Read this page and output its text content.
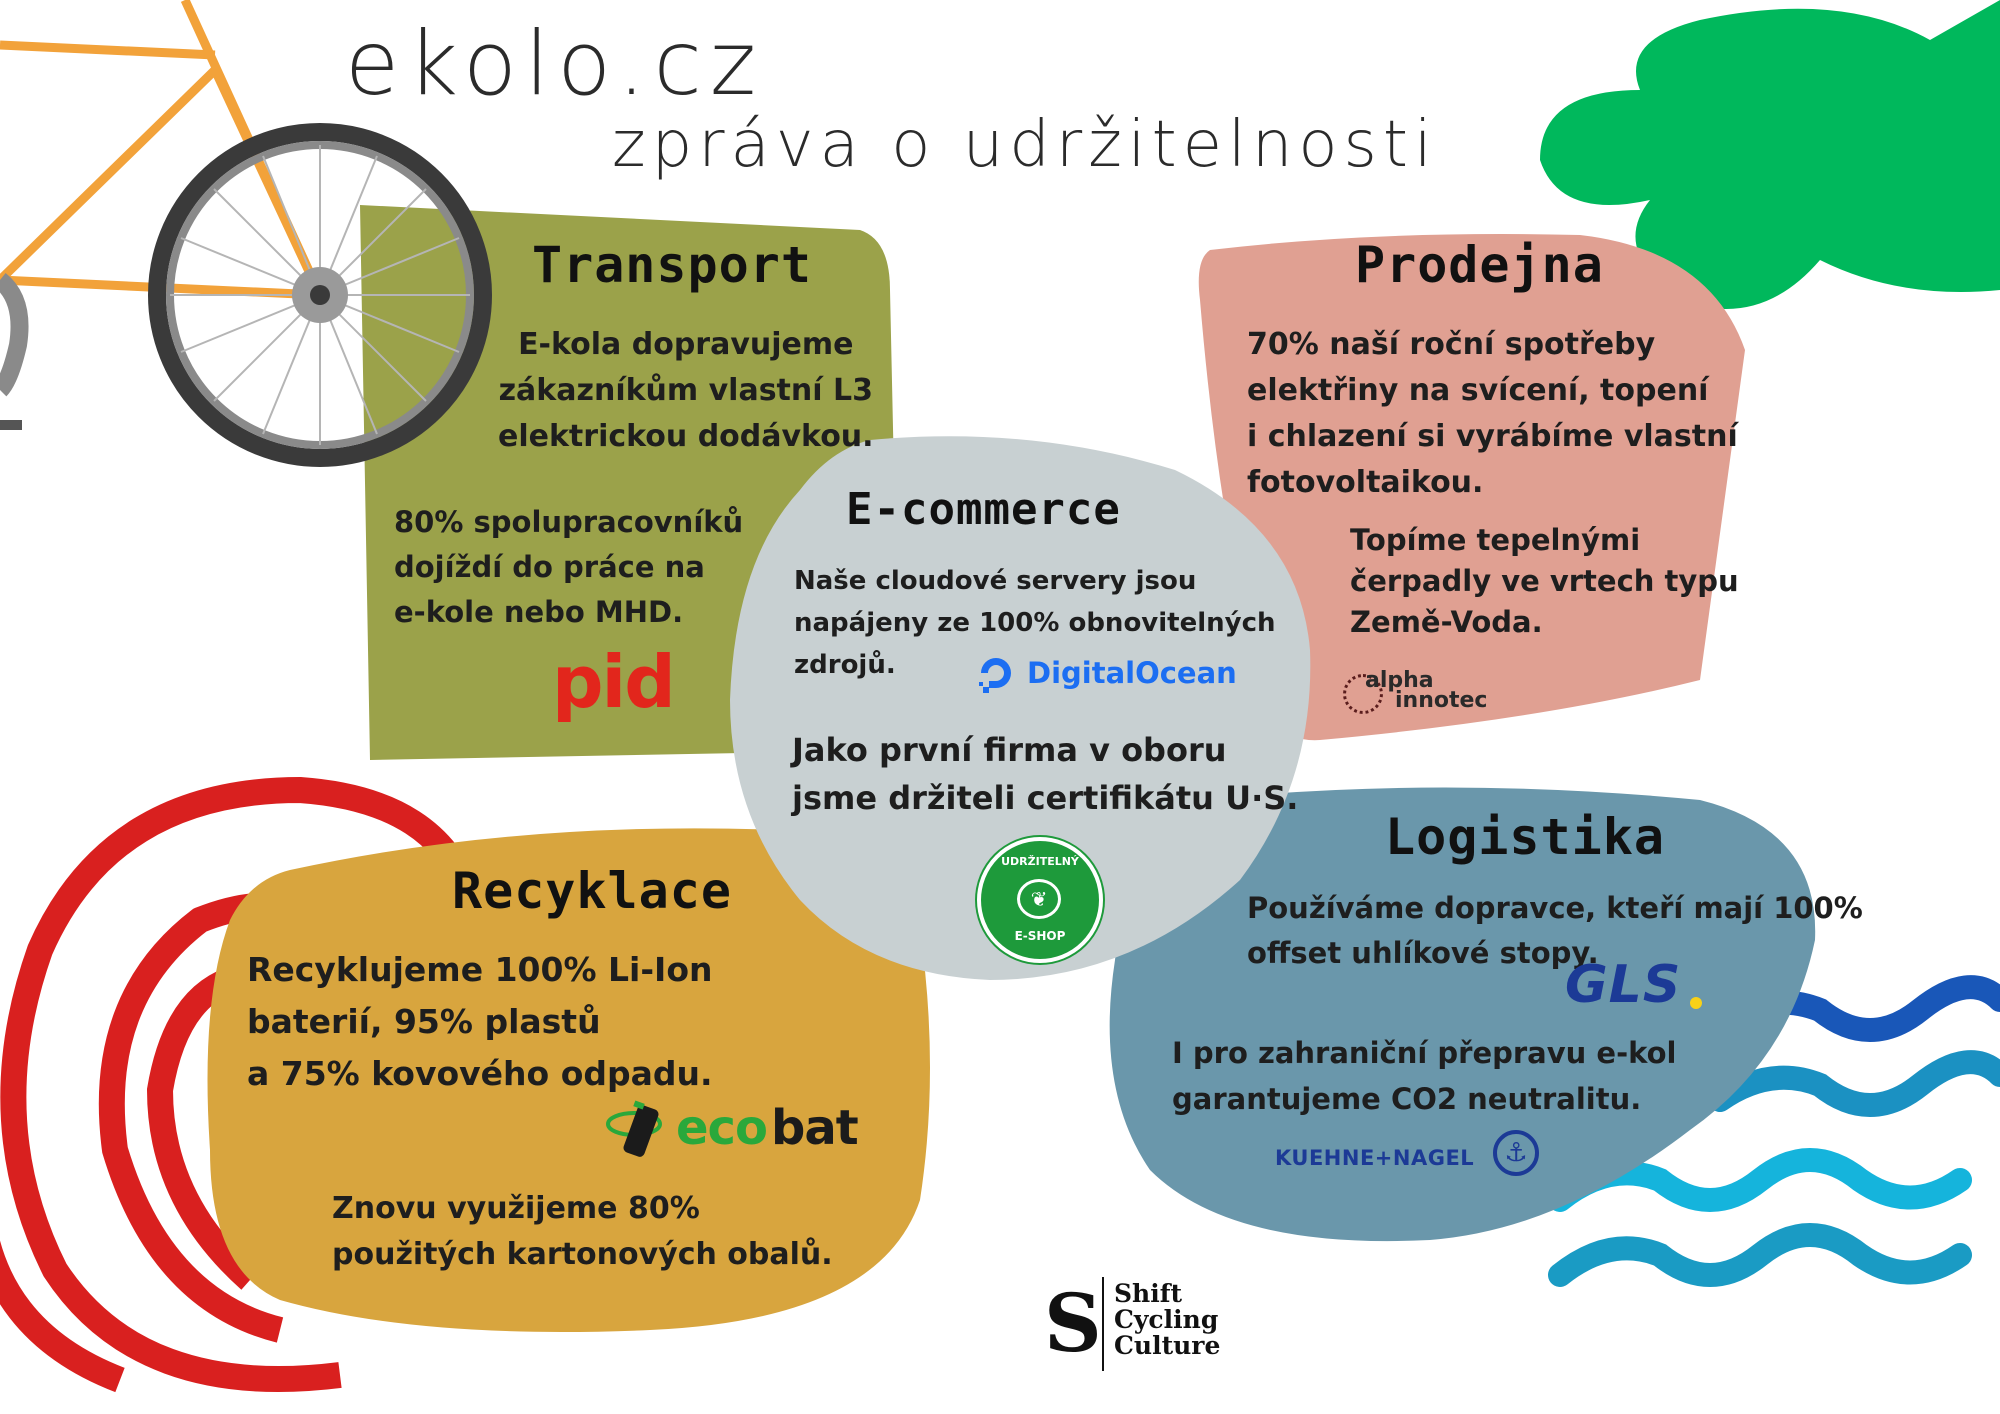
ekolo.cz
zpráva o udržitelnosti
Transport
E-kola dopravujeme
zákazníkům vlastní L3
elektrickou dodávkou.
80% spolupracovníků
dojíždí do práce na
e-kole nebo MHD.
pid
Prodejna
70% naší roční spotřeby
elektřiny na svícení, topení
i chlazení si vyrábíme vlastní
fotovoltaikou.
Topíme tepelnými
čerpadly ve vrtech typu
Země-Voda.
alpha
innotec
E-commerce
Naše cloudové servery jsou
napájeny ze 100% obnovitelných
zdrojů.	DigitalOcean
Jako první firma v oboru
jsme držiteli certifikátu U·S.
UDRŽITELNÝ
❦
E-SHOP
Recyklace
Recyklujeme 100% Li-Ion
baterií, 95% plastů
a 75% kovového odpadu.
eco bat
Znovu využijeme 80%
použitých kartonových obalů.
Logistika
Používáme dopravce, kteří mají 100%
offset uhlíkové stopy.
GLS
I pro zahraniční přepravu e-kol
garantujeme CO2 neutralitu.
KUEHNE+NAGEL	⚓
S Shift
Cycling
Culture
